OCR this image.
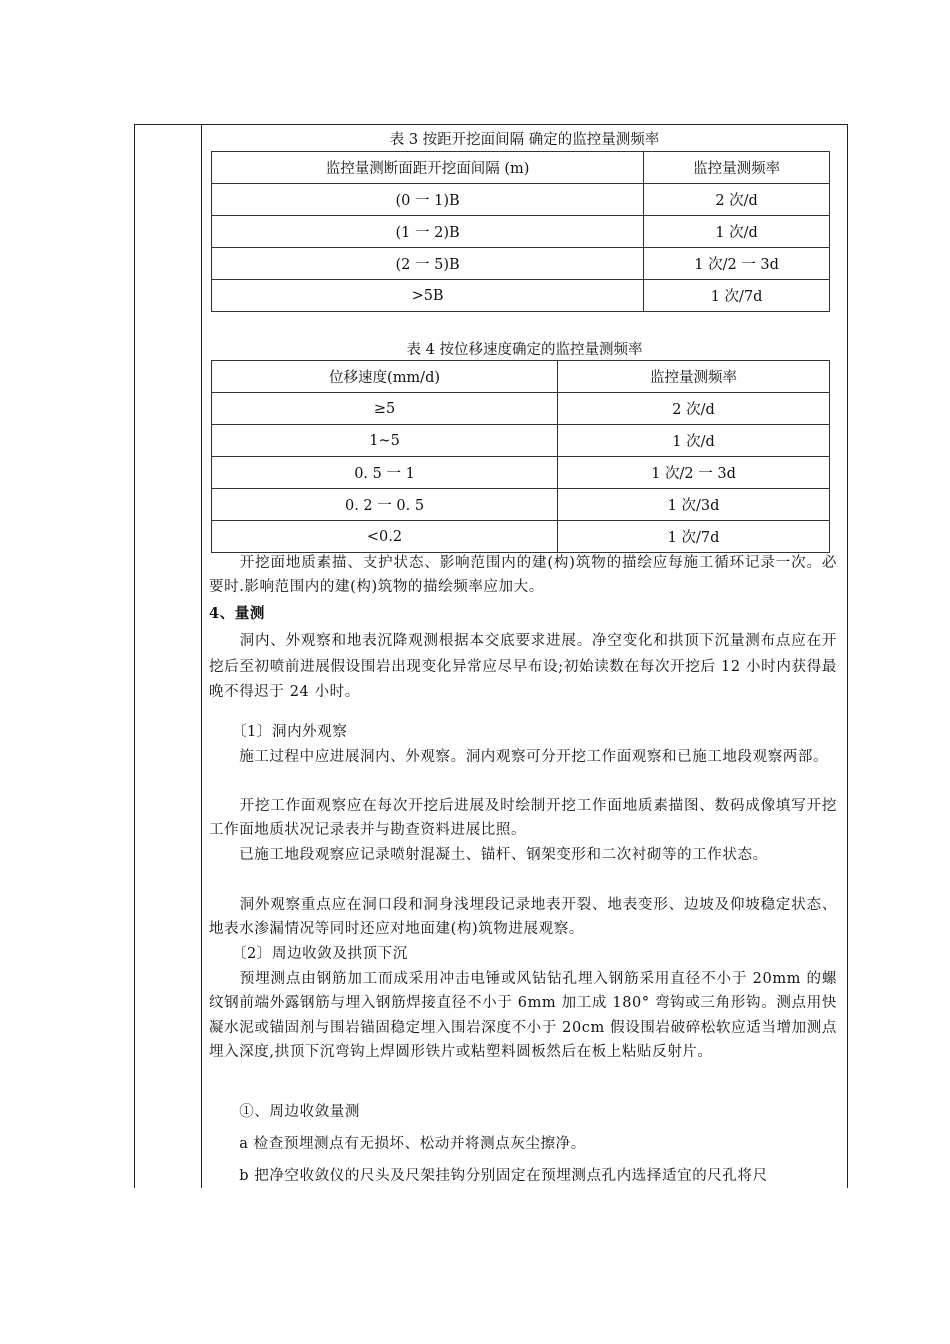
表 3 按距开挖面间隔 确定的监控量测频率
监控量测断面距开挖面间隔 (m)	监控量测频率
(0 一 1)B	2 次/d
(1 一 2)B	1 次/d
(2 一 5)B	1 次/2 一 3d
>5B	1 次/7d
表 4 按位移速度确定的监控量测频率
位移速度(mm/d)	监控量测频率
≥5	2 次/d
1~5	1 次/d
0. 5 一 1	1 次/2 一 3d
0. 2 一 0. 5	1 次/3d
<0.2	1 次/7d
　　开挖面地质素描、支护状态、影响范围内的建(构)筑物的描绘应每施工循环记录一次。必要时.影响范围内的建(构)筑物的描绘频率应加大。
4、量测
　　洞内、外观察和地表沉降观测根据本交底要求进展。净空变化和拱顶下沉量测布点应在开挖后至初喷前进展假设围岩出现变化异常应尽早布设;初始读数在每次开挖后 12 小时内获得最晚不得迟于 24 小时。
　　〔1〕洞内外观察
　　施工过程中应进展洞内、外观察。洞内观察可分开挖工作面观察和已施工地段观察两部。
　　开挖工作面观察应在每次开挖后进展及时绘制开挖工作面地质素描图、数码成像填写开挖工作面地质状况记录表并与勘查资料进展比照。
　　已施工地段观察应记录喷射混凝土、锚杆、钢架变形和二次衬砌等的工作状态。
　　洞外观察重点应在洞口段和洞身浅埋段记录地表开裂、地表变形、边坡及仰坡稳定状态、地表水渗漏情况等同时还应对地面建(构)筑物进展观察。
　　〔2〕周边收敛及拱顶下沉
　　预埋测点由钢筋加工而成采用冲击电锤或风钻钻孔埋入钢筋采用直径不小于 20mm 的螺纹钢前端外露钢筋与埋入钢筋焊接直径不小于 6mm 加工成 180° 弯钩或三角形钩。测点用快凝水泥或锚固剂与围岩锚固稳定埋入围岩深度不小于 20cm 假设围岩破碎松软应适当增加测点埋入深度,拱顶下沉弯钩上焊圆形铁片或粘塑料圆板然后在板上粘贴反射片。
　　①、周边收敛量测
　　a 检查预埋测点有无损坏、松动并将测点灰尘擦净。
　　b 把净空收敛仪的尺头及尺架挂钩分别固定在预埋测点孔内选择适宜的尺孔将尺
